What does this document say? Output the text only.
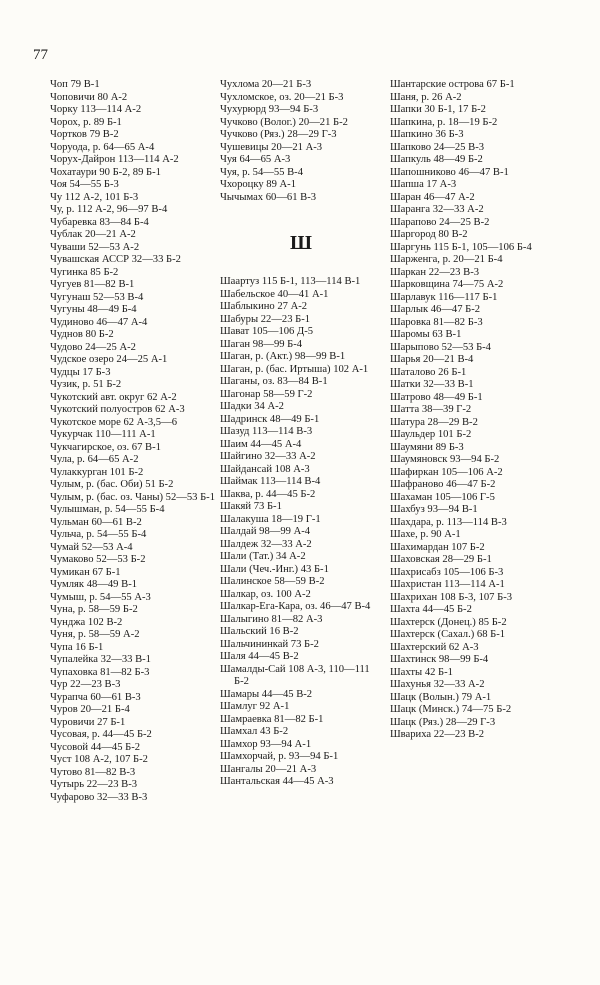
77
Чоп 79 В-1
Чоповичи 80 А-2
Чорку 113—114 А-2
Чорох, р. 89 Б-1
Чортков 79 В-2
Чоруода, р. 64—65 А-4
Чорух-Дайрон 113—114 А-2
Чохатаури 90 Б-2, 89 Б-1
Чоя 54—55 Б-3
Чу 112 А-2, 101 Б-3
Чу, р. 112 А-2, 96—97 В-4
Чубаревка 83—84 Б-4
Чублак 20—21 А-2
Чуваши 52—53 А-2
Чувашская АССР 32—33 Б-2
Чугинка 85 Б-2
Чугуев 81—82 В-1
Чугунаш 52—53 В-4
Чугуны 48—49 Б-4
Чудиново 46—47 А-4
Чуднов 80 Б-2
Чудово 24—25 А-2
Чудское озеро 24—25 А-1
Чудцы 17 Б-3
Чузик, р. 51 Б-2
Чукотский авт. округ 62 А-2
Чукотский полуостров 62 А-3
Чукотское море 62 А-3,5—6
Чукурчак 110—111 А-1
Чукчагирское, оз. 67 В-1
Чула, р. 64—65 А-2
Чулаккурган 101 Б-2
Чулым, р. (бас. Оби) 51 Б-2
Чулым, р. (бас. оз. Чаны) 52—53 Б-1
Чулышман, р. 54—55 Б-4
Чульман 60—61 В-2
Чульча, р. 54—55 Б-4
Чумай 52—53 А-4
Чумаково 52—53 Б-2
Чумикан 67 Б-1
Чумляк 48—49 В-1
Чумыш, р. 54—55 А-3
Чуна, р. 58—59 Б-2
Чунджа 102 В-2
Чуня, р. 58—59 А-2
Чупа 16 Б-1
Чупалейка 32—33 В-1
Чупаховка 81—82 Б-3
Чур 22—23 В-3
Чурапча 60—61 В-3
Чуров 20—21 Б-4
Чуровичи 27 Б-1
Чусовая, р. 44—45 Б-2
Чусовой 44—45 Б-2
Чуст 108 А-2, 107 Б-2
Чутово 81—82 В-3
Чутырь 22—23 В-3
Чуфарово 32—33 В-3
Чухлома 20—21 Б-3
Чухломское, оз. 20—21 Б-3
Чухурюрд 93—94 Б-3
Чучково (Волог.) 20—21 Б-2
Чучково (Ряз.) 28—29 Г-3
Чушевицы 20—21 А-3
Чуя 64—65 А-3
Чуя, р. 54—55 В-4
Чхороцку 89 А-1
Чычымах 60—61 В-3
Ш
Шаартуз 115 Б-1, 113—114 В-1
Шабельское 40—41 А-1
Шаблыкино 27 А-2
Шабуры 22—23 Б-1
Шават 105—106 Д-5
Шаган 98—99 Б-4
Шаган, р. (Акт.) 98—99 В-1
Шаган, р. (бас. Иртыша) 102 А-1
Шаганы, оз. 83—84 В-1
Шагонар 58—59 Г-2
Шадки 34 А-2
Шадринск 48—49 Б-1
Шазуд 113—114 В-3
Шаим 44—45 А-4
Шайгино 32—33 А-2
Шайдансай 108 А-3
Шаймак 113—114 В-4
Шаква, р. 44—45 Б-2
Шакяй 73 Б-1
Шалакуша 18—19 Г-1
Шалдай 98—99 А-4
Шалдеж 32—33 А-2
Шали (Тат.) 34 А-2
Шали (Чеч.-Инг.) 43 Б-1
Шалинское 58—59 В-2
Шалкар, оз. 100 А-2
Шалкар-Ега-Кара, оз. 46—47 В-4
Шалыгино 81—82 А-3
Шальский 16 В-2
Шальчининкай 73 Б-2
Шаля 44—45 В-2
Шамалды-Сай 108 А-3, 110—111 Б-2
Шамары 44—45 В-2
Шамлуг 92 А-1
Шамраевка 81—82 Б-1
Шамхал 43 Б-2
Шамхор 93—94 А-1
Шамхорчай, р. 93—94 Б-1
Шангалы 20—21 А-3
Шантальская 44—45 А-3
Шантарские острова 67 Б-1
Шаня, р. 26 А-2
Шапки 30 Б-1, 17 Б-2
Шапкина, р. 18—19 Б-2
Шапкино 36 Б-3
Шапково 24—25 В-3
Шапкуль 48—49 Б-2
Шапошниково 46—47 В-1
Шапша 17 А-3
Шаран 46—47 А-2
Шаранга 32—33 А-2
Шарапово 24—25 В-2
Шаргород 80 В-2
Шаргунь 115 Б-1, 105—106 Б-4
Шарженга, р. 20—21 Б-4
Шаркан 22—23 В-3
Шарковщина 74—75 А-2
Шарлавук 116—117 Б-1
Шарлык 46—47 Б-2
Шаровка 81—82 Б-3
Шаромы 63 В-1
Шарыпово 52—53 Б-4
Шарья 20—21 В-4
Шаталово 26 Б-1
Шатки 32—33 В-1
Шатрово 48—49 Б-1
Шатта 38—39 Г-2
Шатура 28—29 В-2
Шаульдер 101 Б-2
Шаумяни 89 Б-3
Шаумяновск 93—94 Б-2
Шафиркан 105—106 А-2
Шафраново 46—47 Б-2
Шахаман 105—106 Г-5
Шахбуз 93—94 В-1
Шахдара, р. 113—114 В-3
Шахе, р. 90 А-1
Шахимардан 107 Б-2
Шаховская 28—29 Б-1
Шахрисабз 105—106 Б-3
Шахристан 113—114 А-1
Шахрихан 108 Б-3, 107 Б-3
Шахта 44—45 Б-2
Шахтерск (Донец.) 85 Б-2
Шахтерск (Сахал.) 68 Б-1
Шахтерский 62 А-3
Шахтинск 98—99 Б-4
Шахты 42 Б-1
Шахунья 32—33 А-2
Шацк (Волын.) 79 А-1
Шацк (Минск.) 74—75 Б-2
Шацк (Ряз.) 28—29 Г-3
Швариха 22—23 В-2
